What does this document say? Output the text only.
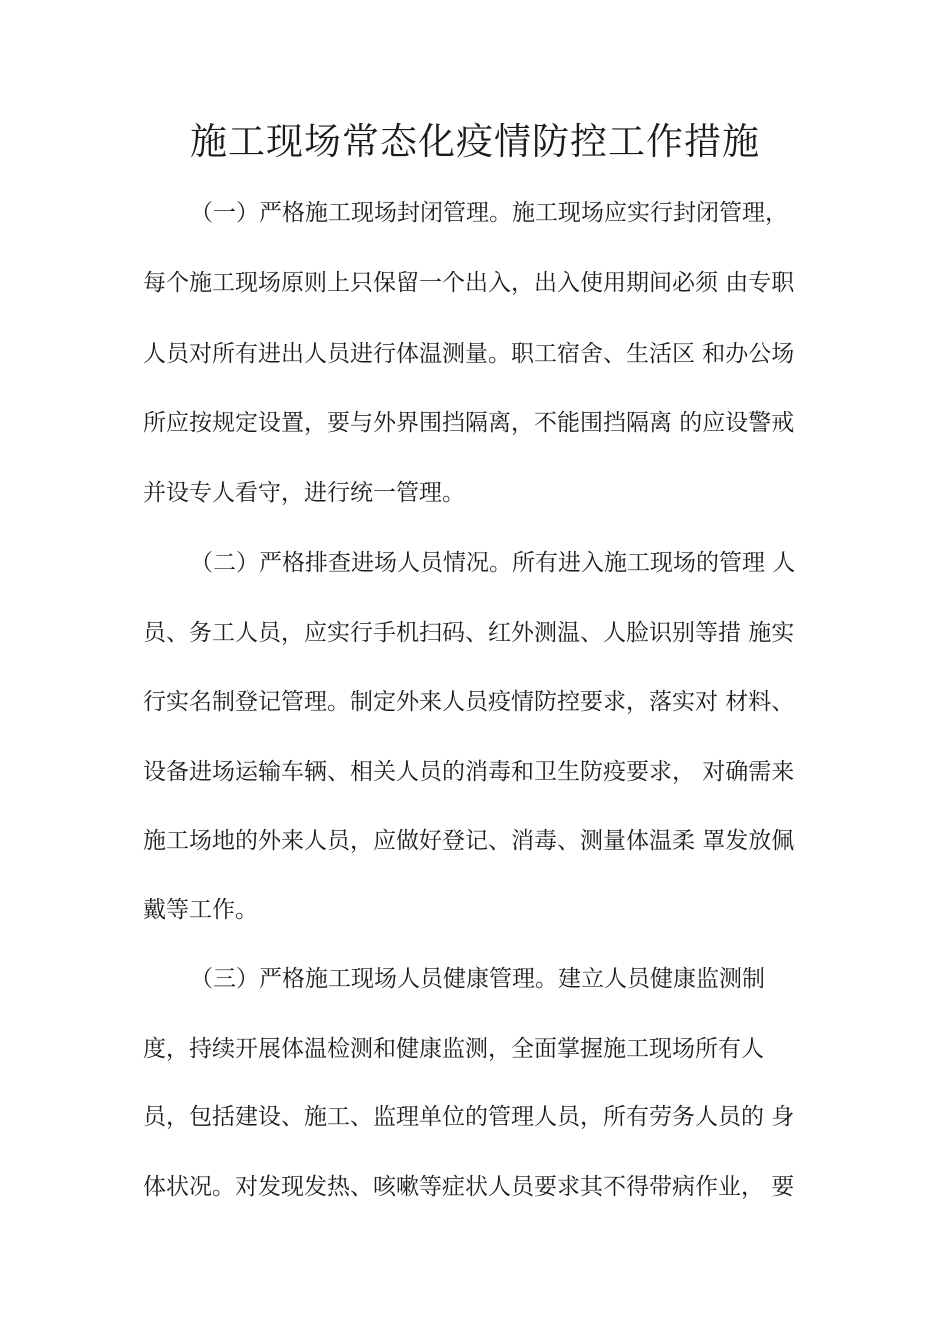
施工现场常态化疫情防控工作措施

（一）严格施工现场封闭管理。施工现场应实行封闭管理，

每个施工现场原则上只保留一个出入，出入使用期间必须 由专职

人员对所有进出人员进行体温测量。职工宿舍、生活区 和办公场

所应按规定设置，要与外界围挡隔离，不能围挡隔离 的应设警戒

并设专人看守，进行统一管理。

（二）严格排查进场人员情况。所有进入施工现场的管理 人

员、务工人员，应实行手机扫码、红外测温、人脸识别等措 施实

行实名制登记管理。制定外来人员疫情防控要求，落实对 材料、

设备进场运输车辆、相关人员的消毒和卫生防疫要求， 对确需来

施工场地的外来人员，应做好登记、消毒、测量体温柔 罩发放佩

戴等工作。

（三）严格施工现场人员健康管理。建立人员健康监测制

度，持续开展体温检测和健康监测，全面掌握施工现场所有人

员，包括建设、施工、监理单位的管理人员，所有劳务人员的 身

体状况。对发现发热、咳嗽等症状人员要求其不得带病作业， 要
